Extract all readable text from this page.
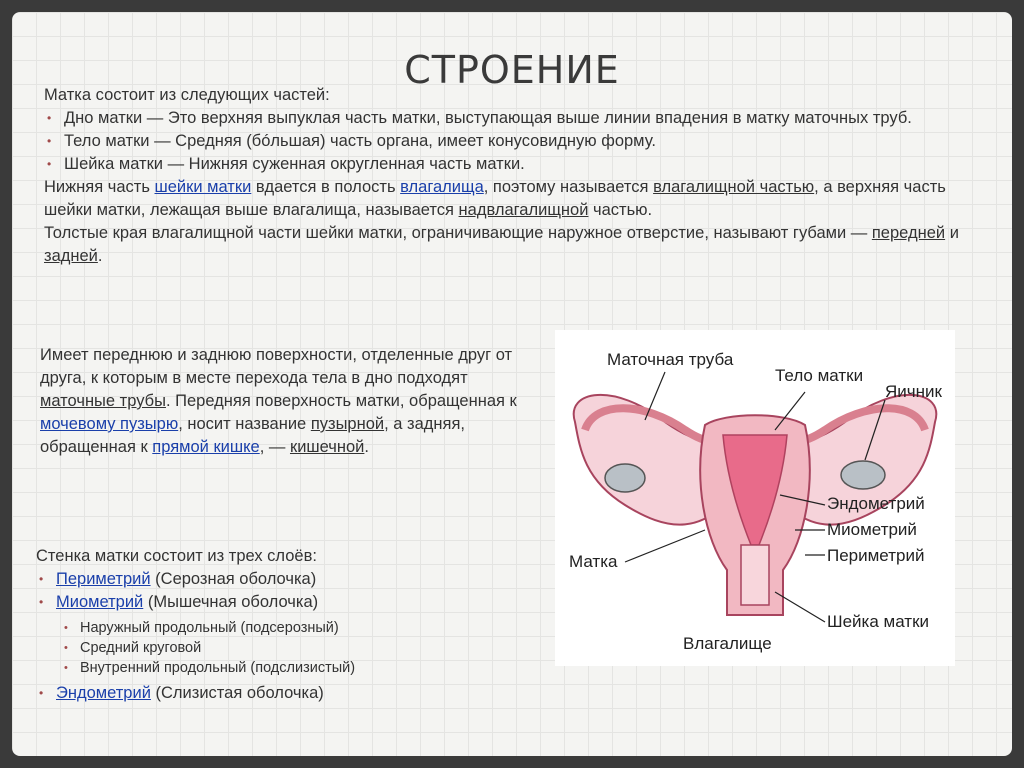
СТРОЕНИЕ
Матка состоит из следующих частей:
• Дно матки — Это верхняя выпуклая часть матки, выступающая выше линии впадения в матку маточных труб.
• Тело матки — Средняя (бóльшая) часть органа, имеет конусовидную форму.
• Шейка матки — Нижняя суженная округленная часть матки.
Нижняя часть шейки матки вдается в полость влагалища, поэтому называется влагалищной частью, а верхняя часть шейки матки, лежащая выше влагалища, называется надвлагалищной частью.
Толстые края влагалищной части шейки матки, ограничивающие наружное отверстие, называют губами — передней и задней.
Имеет переднюю и заднюю поверхности, отделенные друг от друга, к которым в месте перехода тела в дно подходят маточные трубы. Передняя поверхность матки, обращенная к мочевому пузырю, носит название пузырной, а задняя, обращенная к прямой кишке, — кишечной.
Стенка матки состоит из трех слоёв:
• Периметрий (Серозная оболочка)
• Миометрий (Мышечная оболочка)
• Наружный продольный (подсерозный)
• Средний круговой
• Внутренний продольный (подслизистый)
• Эндометрий (Слизистая оболочка)
Маточная труба
Тело матки
Яичник
Эндометрий
Миометрий
Периметрий
Матка
Шейка матки
Влагалище
